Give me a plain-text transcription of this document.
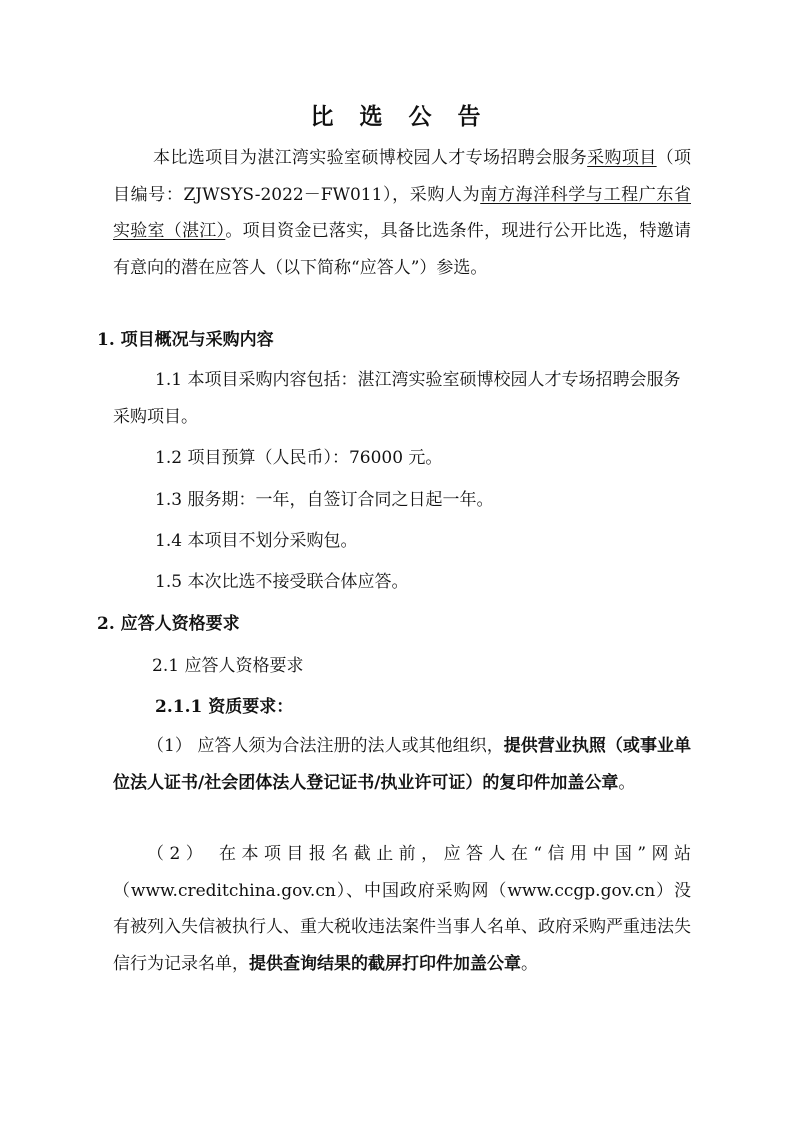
比 选 公 告
本比选项目为湛江湾实验室硕博校园人才专场招聘会服务采购项目（项目编号：ZJWSYS-2022－FW011），采购人为南方海洋科学与工程广东省实验室（湛江）。项目资金已落实，具备比选条件，现进行公开比选，特邀请有意向的潜在应答人（以下简称“应答人”）参选。
1. 项目概况与采购内容
1.1 本项目采购内容包括：湛江湾实验室硕博校园人才专场招聘会服务采购项目。
1.2 项目预算（人民币）：76000 元。
1.3 服务期：一年，自签订合同之日起一年。
1.4 本项目不划分采购包。
1.5 本次比选不接受联合体应答。
2. 应答人资格要求
2.1 应答人资格要求
2.1.1 资质要求：
（1） 应答人须为合法注册的法人或其他组织，提供营业执照（或事业单位法人证书/社会团体法人登记证书/执业许可证）的复印件加盖公章。
（2） 在本项目报名截止前，应答人在“信用中国”网站（www.creditchina.gov.cn）、中国政府采购网（www.ccgp.gov.cn）没有被列入失信被执行人、重大税收违法案件当事人名单、政府采购严重违法失信行为记录名单，提供查询结果的截屏打印件加盖公章。
